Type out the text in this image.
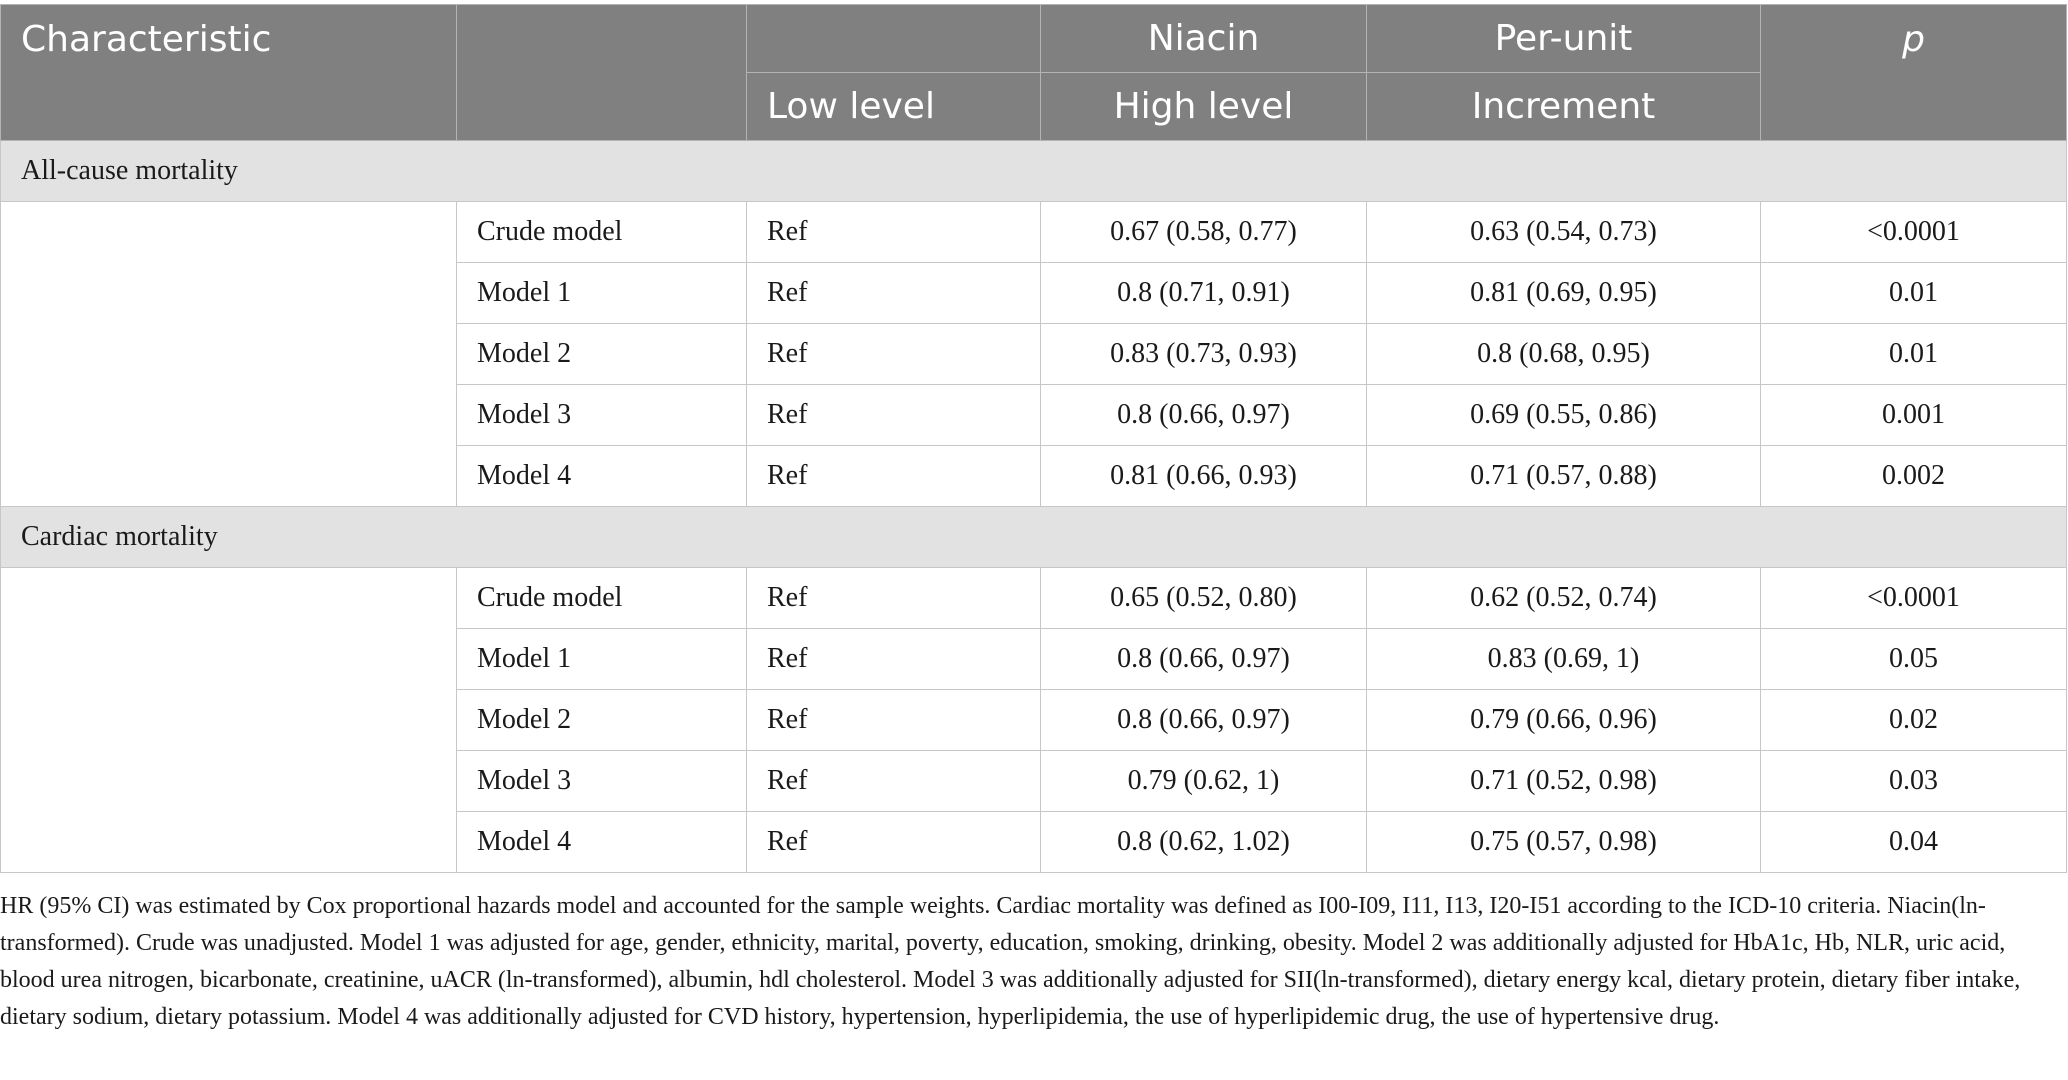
Characteristic			Niacin	Per-unit	p
		Low level	High level	Increment	
All-cause mortality					
	Crude model	Ref	0.67 (0.58, 0.77)	0.63 (0.54, 0.73)	<0.0001
	Model 1	Ref	0.8 (0.71, 0.91)	0.81 (0.69, 0.95)	0.01
	Model 2	Ref	0.83 (0.73, 0.93)	0.8 (0.68, 0.95)	0.01
	Model 3	Ref	0.8 (0.66, 0.97)	0.69 (0.55, 0.86)	0.001
	Model 4	Ref	0.81 (0.66, 0.93)	0.71 (0.57, 0.88)	0.002
Cardiac mortality					
	Crude model	Ref	0.65 (0.52, 0.80)	0.62 (0.52, 0.74)	<0.0001
	Model 1	Ref	0.8 (0.66, 0.97)	0.83 (0.69, 1)	0.05
	Model 2	Ref	0.8 (0.66, 0.97)	0.79 (0.66, 0.96)	0.02
	Model 3	Ref	0.79 (0.62, 1)	0.71 (0.52, 0.98)	0.03
	Model 4	Ref	0.8 (0.62, 1.02)	0.75 (0.57, 0.98)	0.04

HR (95% CI) was estimated by Cox proportional hazards model and accounted for the sample weights. Cardiac mortality was defined as I00-I09, I11, I13, I20-I51 according to the ICD-10 criteria. Niacin(ln-transformed). Crude was unadjusted. Model 1 was adjusted for age, gender, ethnicity, marital, poverty, education, smoking, drinking, obesity. Model 2 was additionally adjusted for HbA1c, Hb, NLR, uric acid, blood urea nitrogen, bicarbonate, creatinine, uACR (ln-transformed), albumin, hdl cholesterol. Model 3 was additionally adjusted for SII(ln-transformed), dietary energy kcal, dietary protein, dietary fiber intake, dietary sodium, dietary potassium. Model 4 was additionally adjusted for CVD history, hypertension, hyperlipidemia, the use of hyperlipidemic drug, the use of hypertensive drug.
